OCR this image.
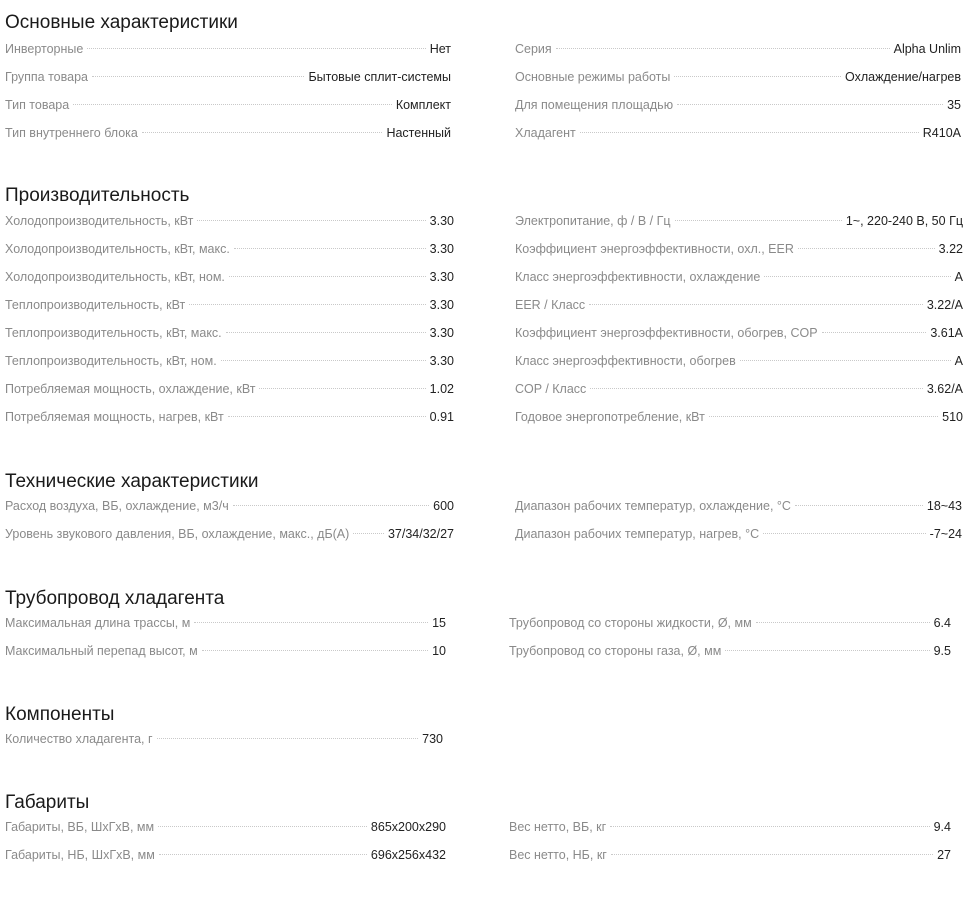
Основные характеристики
Инверторные	Нет
Группа товара	Бытовые сплит-системы
Тип товара	Комплект
Тип внутреннего блока	Настенный
Серия	Alpha Unlim
Основные режимы работы	Охлаждение/нагрев
Для помещения площадью	35
Хладагент	R410A
Производительность
Холодопроизводительность, кВт	3.30
Холодопроизводительность, кВт, макс.	3.30
Холодопроизводительность, кВт, ном.	3.30
Теплопроизводительность, кВт	3.30
Теплопроизводительность, кВт, макс.	3.30
Теплопроизводительность, кВт, ном.	3.30
Потребляемая мощность, охлаждение, кВт	1.02
Потребляемая мощность, нагрев, кВт	0.91
Электропитание, ф / В / Гц	1~, 220-240 В, 50 Гц
Коэффициент энергоэффективности, охл., EER	3.22
Класс энергоэффективности, охлаждение	A
EER / Класс	3.22/A
Коэффициент энергоэффективности, обогрев, COP	3.61A
Класс энергоэффективности, обогрев	A
COP / Класс	3.62/A
Годовое энергопотребление, кВт	510
Технические характеристики
Расход воздуха, ВБ, охлаждение, м3/ч	600
Уровень звукового давления, ВБ, охлаждение, макс., дБ(А)	37/34/32/27
Диапазон рабочих температур, охлаждение, °C	18~43
Диапазон рабочих температур, нагрев, °C	-7~24
Трубопровод хладагента
Максимальная длина трассы, м	15
Максимальный перепад высот, м	10
Трубопровод со стороны жидкости, Ø, мм	6.4
Трубопровод со стороны газа, Ø, мм	9.5
Компоненты
Количество хладагента, г	730
Габариты
Габариты, ВБ, ШхГхВ, мм	865x200x290
Габариты, НБ, ШхГхВ, мм	696x256x432
Вес нетто, ВБ, кг	9.4
Вес нетто, НБ, кг	27
